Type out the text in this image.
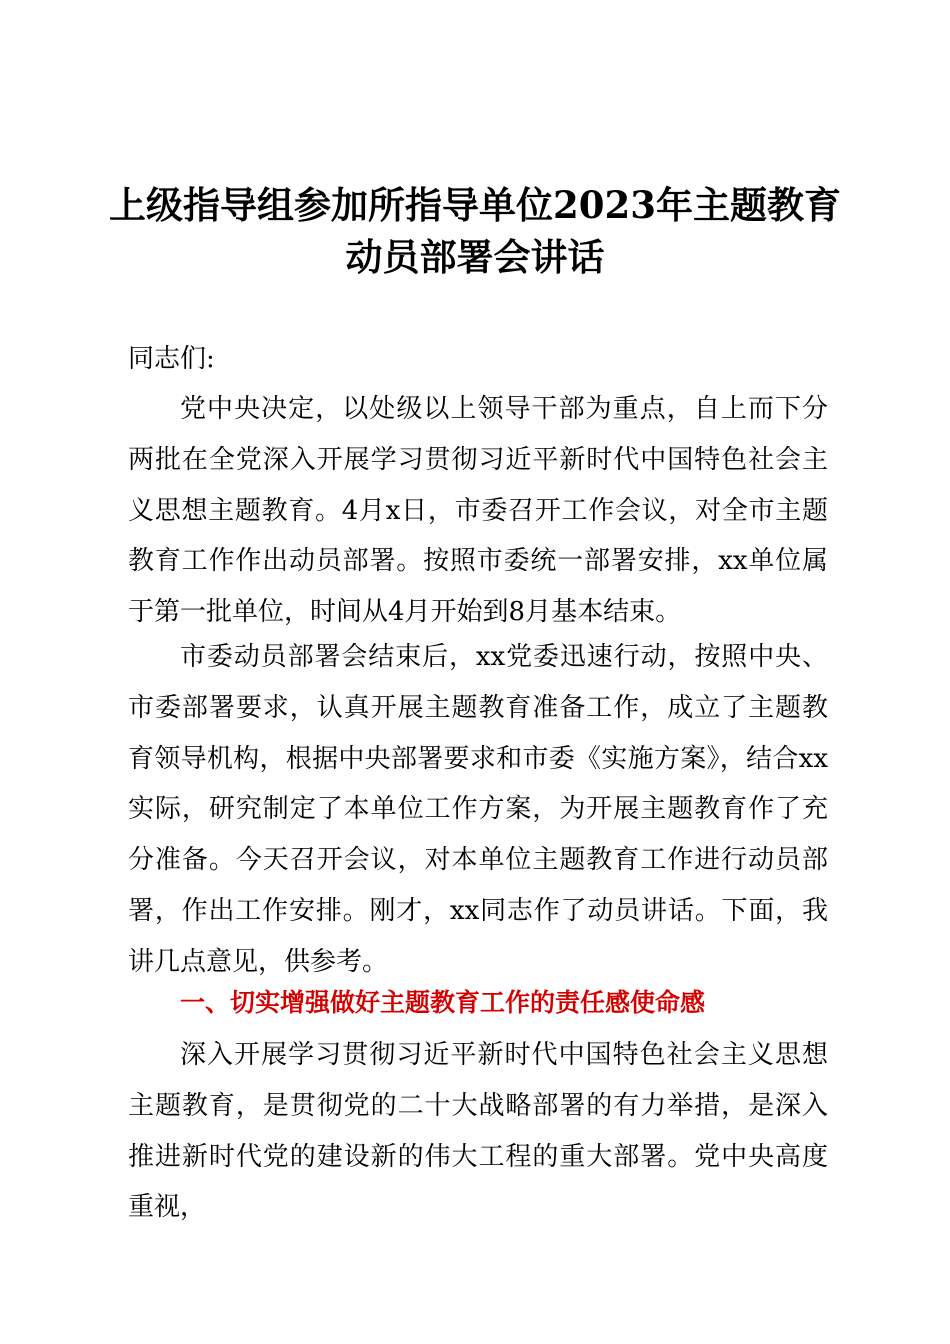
上级指导组参加所指导单位2023年主题教育
动员部署会讲话

同志们:

党中央决定，以处级以上领导干部为重点，自上而下分两批在全党深入开展学习贯彻习近平新时代中国特色社会主义思想主题教育。4月x日，市委召开工作会议，对全市主题教育工作作出动员部署。按照市委统一部署安排，xx单位属于第一批单位，时间从4月开始到8月基本结束。

市委动员部署会结束后，xx党委迅速行动，按照中央、市委部署要求，认真开展主题教育准备工作，成立了主题教育领导机构，根据中央部署要求和市委《实施方案》，结合xx实际，研究制定了本单位工作方案，为开展主题教育作了充分准备。今天召开会议，对本单位主题教育工作进行动员部署，作出工作安排。刚才，xx同志作了动员讲话。下面，我讲几点意见，供参考。

一、切实增强做好主题教育工作的责任感使命感

深入开展学习贯彻习近平新时代中国特色社会主义思想主题教育，是贯彻党的二十大战略部署的有力举措，是深入推进新时代党的建设新的伟大工程的重大部署。党中央高度重视，
